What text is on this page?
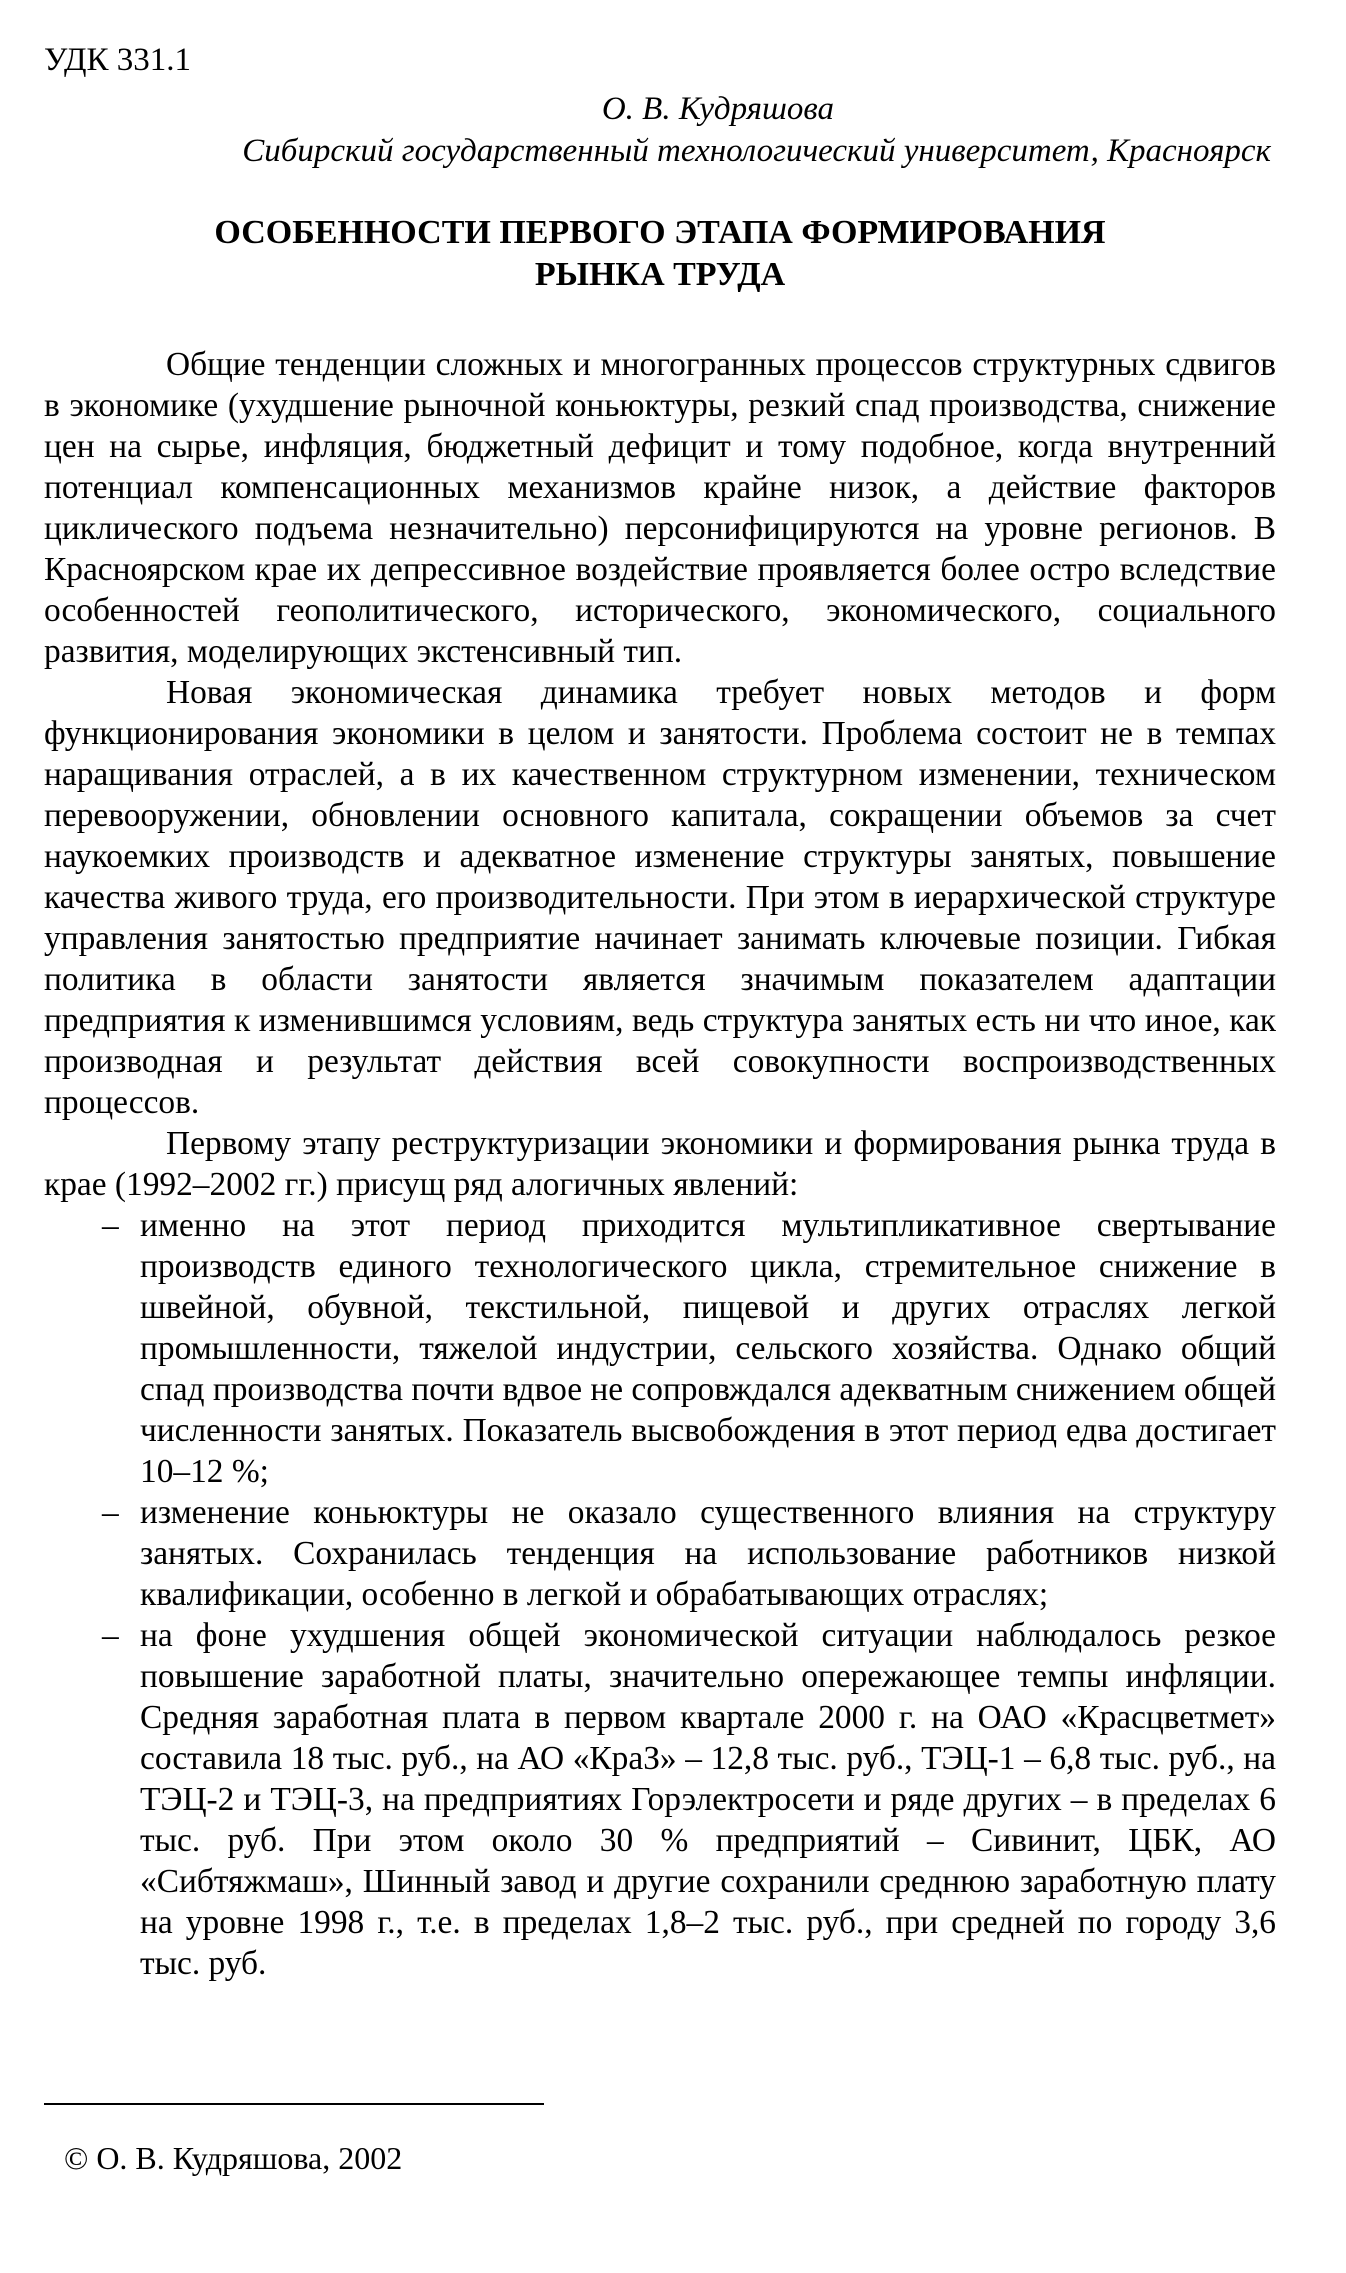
УДК 331.1
О. В. Кудряшова
Сибирский государственный технологический университет, Красноярск
ОСОБЕННОСТИ ПЕРВОГО ЭТАПА ФОРМИРОВАНИЯ
РЫНКА ТРУДА

Общие тенденции сложных и многогранных процессов структурных сдвигов в экономике (ухудшение рыночной коньюктуры, резкий спад производства, снижение цен на сырье, инфляция, бюджетный дефицит и тому подобное, когда внутренний потенциал компенсационных механизмов крайне низок, а действие факторов циклического подъема незначительно) персонифицируются на уровне регионов. В Красноярском крае их депрессивное воздействие проявляется более остро вследствие особенностей геополитического, исторического, экономического, социального развития, моделирующих экстенсивный тип.

Новая экономическая динамика требует новых методов и форм функционирования экономики в целом и занятости. Проблема состоит не в темпах наращивания отраслей, а в их качественном структурном изменении, техническом перевооружении, обновлении основного капитала, сокращении объемов за счет наукоемких производств и адекватное изменение структуры занятых, повышение качества живого труда, его производительности. При этом в иерархической структуре управления занятостью предприятие начинает занимать ключевые позиции. Гибкая политика в области занятости является значимым показателем адаптации предприятия к изменившимся условиям, ведь структура занятых есть ни что иное, как производная и результат действия всей совокупности воспроизводственных процессов.

Первому этапу реструктуризации экономики и формирования рынка труда в крае (1992–2002 гг.) присущ ряд алогичных явлений:

– именно на этот период приходится мультипликативное свертывание производств единого технологического цикла, стремительное снижение в швейной, обувной, текстильной, пищевой и других отраслях легкой промышленности, тяжелой индустрии, сельского хозяйства. Однако общий спад производства почти вдвое не сопровждался адекватным снижением общей численности занятых. Показатель высвобождения в этот период едва достигает 10–12 %;
– изменение коньюктуры не оказало существенного влияния на структуру занятых. Сохранилась тенденция на использование работников низкой квалификации, особенно в легкой и обрабатывающих отраслях;
– на фоне ухудшения общей экономической ситуации наблюдалось резкое повышение заработной платы, значительно опережающее темпы инфляции. Средняя заработная плата в первом квартале 2000 г. на ОАО «Красцветмет» составила 18 тыс. руб., на АО «КраЗ» – 12,8 тыс. руб., ТЭЦ-1 – 6,8 тыс. руб., на ТЭЦ-2 и ТЭЦ-3, на предприятиях Горэлектросети и ряде других – в пределах 6 тыс. руб. При этом около 30 % предприятий – Сивинит, ЦБК, АО «Сибтяжмаш», Шинный завод и другие сохранили среднюю заработную плату на уровне 1998 г., т.е. в пределах 1,8–2 тыс. руб., при средней по городу 3,6 тыс. руб.
© О. В. Кудряшова, 2002
